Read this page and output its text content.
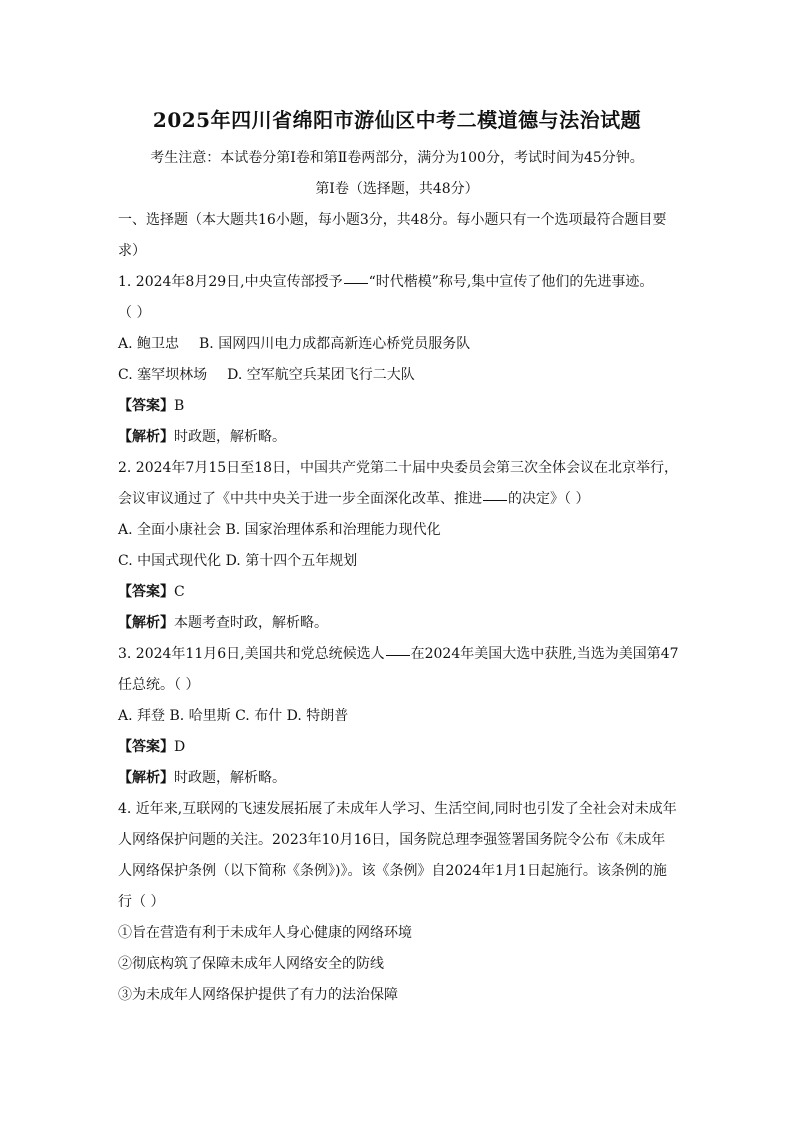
2025年四川省绵阳市游仙区中考二模道德与法治试题
考生注意：本试卷分第Ⅰ卷和第Ⅱ卷两部分，满分为100分，考试时间为45分钟。
第Ⅰ卷（选择题，共48分）
一、选择题（本大题共16小题，每小题3分，共48分。每小题只有一个选项最符合题目要
求）
1. 2024年8月29日,中央宣传部授予 “时代楷模”称号,集中宣传了他们的先进事迹。
（ ）
A. 鲍卫忠 B. 国网四川电力成都高新连心桥党员服务队
C. 塞罕坝林场 D. 空军航空兵某团飞行二大队
【答案】B
【解析】时政题，解析略。
2. 2024年7月15日至18日，中国共产党第二十届中央委员会第三次全体会议在北京举行，
会议审议通过了《中共中央关于进一步全面深化改革、推进 的决定》（ ）
A. 全面小康社会 B. 国家治理体系和治理能力现代化
C. 中国式现代化 D. 第十四个五年规划
【答案】C
【解析】本题考查时政，解析略。
3. 2024年11月6日,美国共和党总统候选人 在2024年美国大选中获胜,当选为美国第47
任总统。（ ）
A. 拜登 B. 哈里斯 C. 布什 D. 特朗普
【答案】D
【解析】时政题，解析略。
4. 近年来,互联网的飞速发展拓展了未成年人学习、生活空间,同时也引发了全社会对未成年
人网络保护问题的关注。2023年10月16日，国务院总理李强签署国务院令公布《未成年
人网络保护条例（以下简称《条例》)》。该《条例》自2024年1月1日起施行。该条例的施
行（ ）
①旨在营造有利于未成年人身心健康的网络环境
②彻底构筑了保障未成年人网络安全的防线
③为未成年人网络保护提供了有力的法治保障
